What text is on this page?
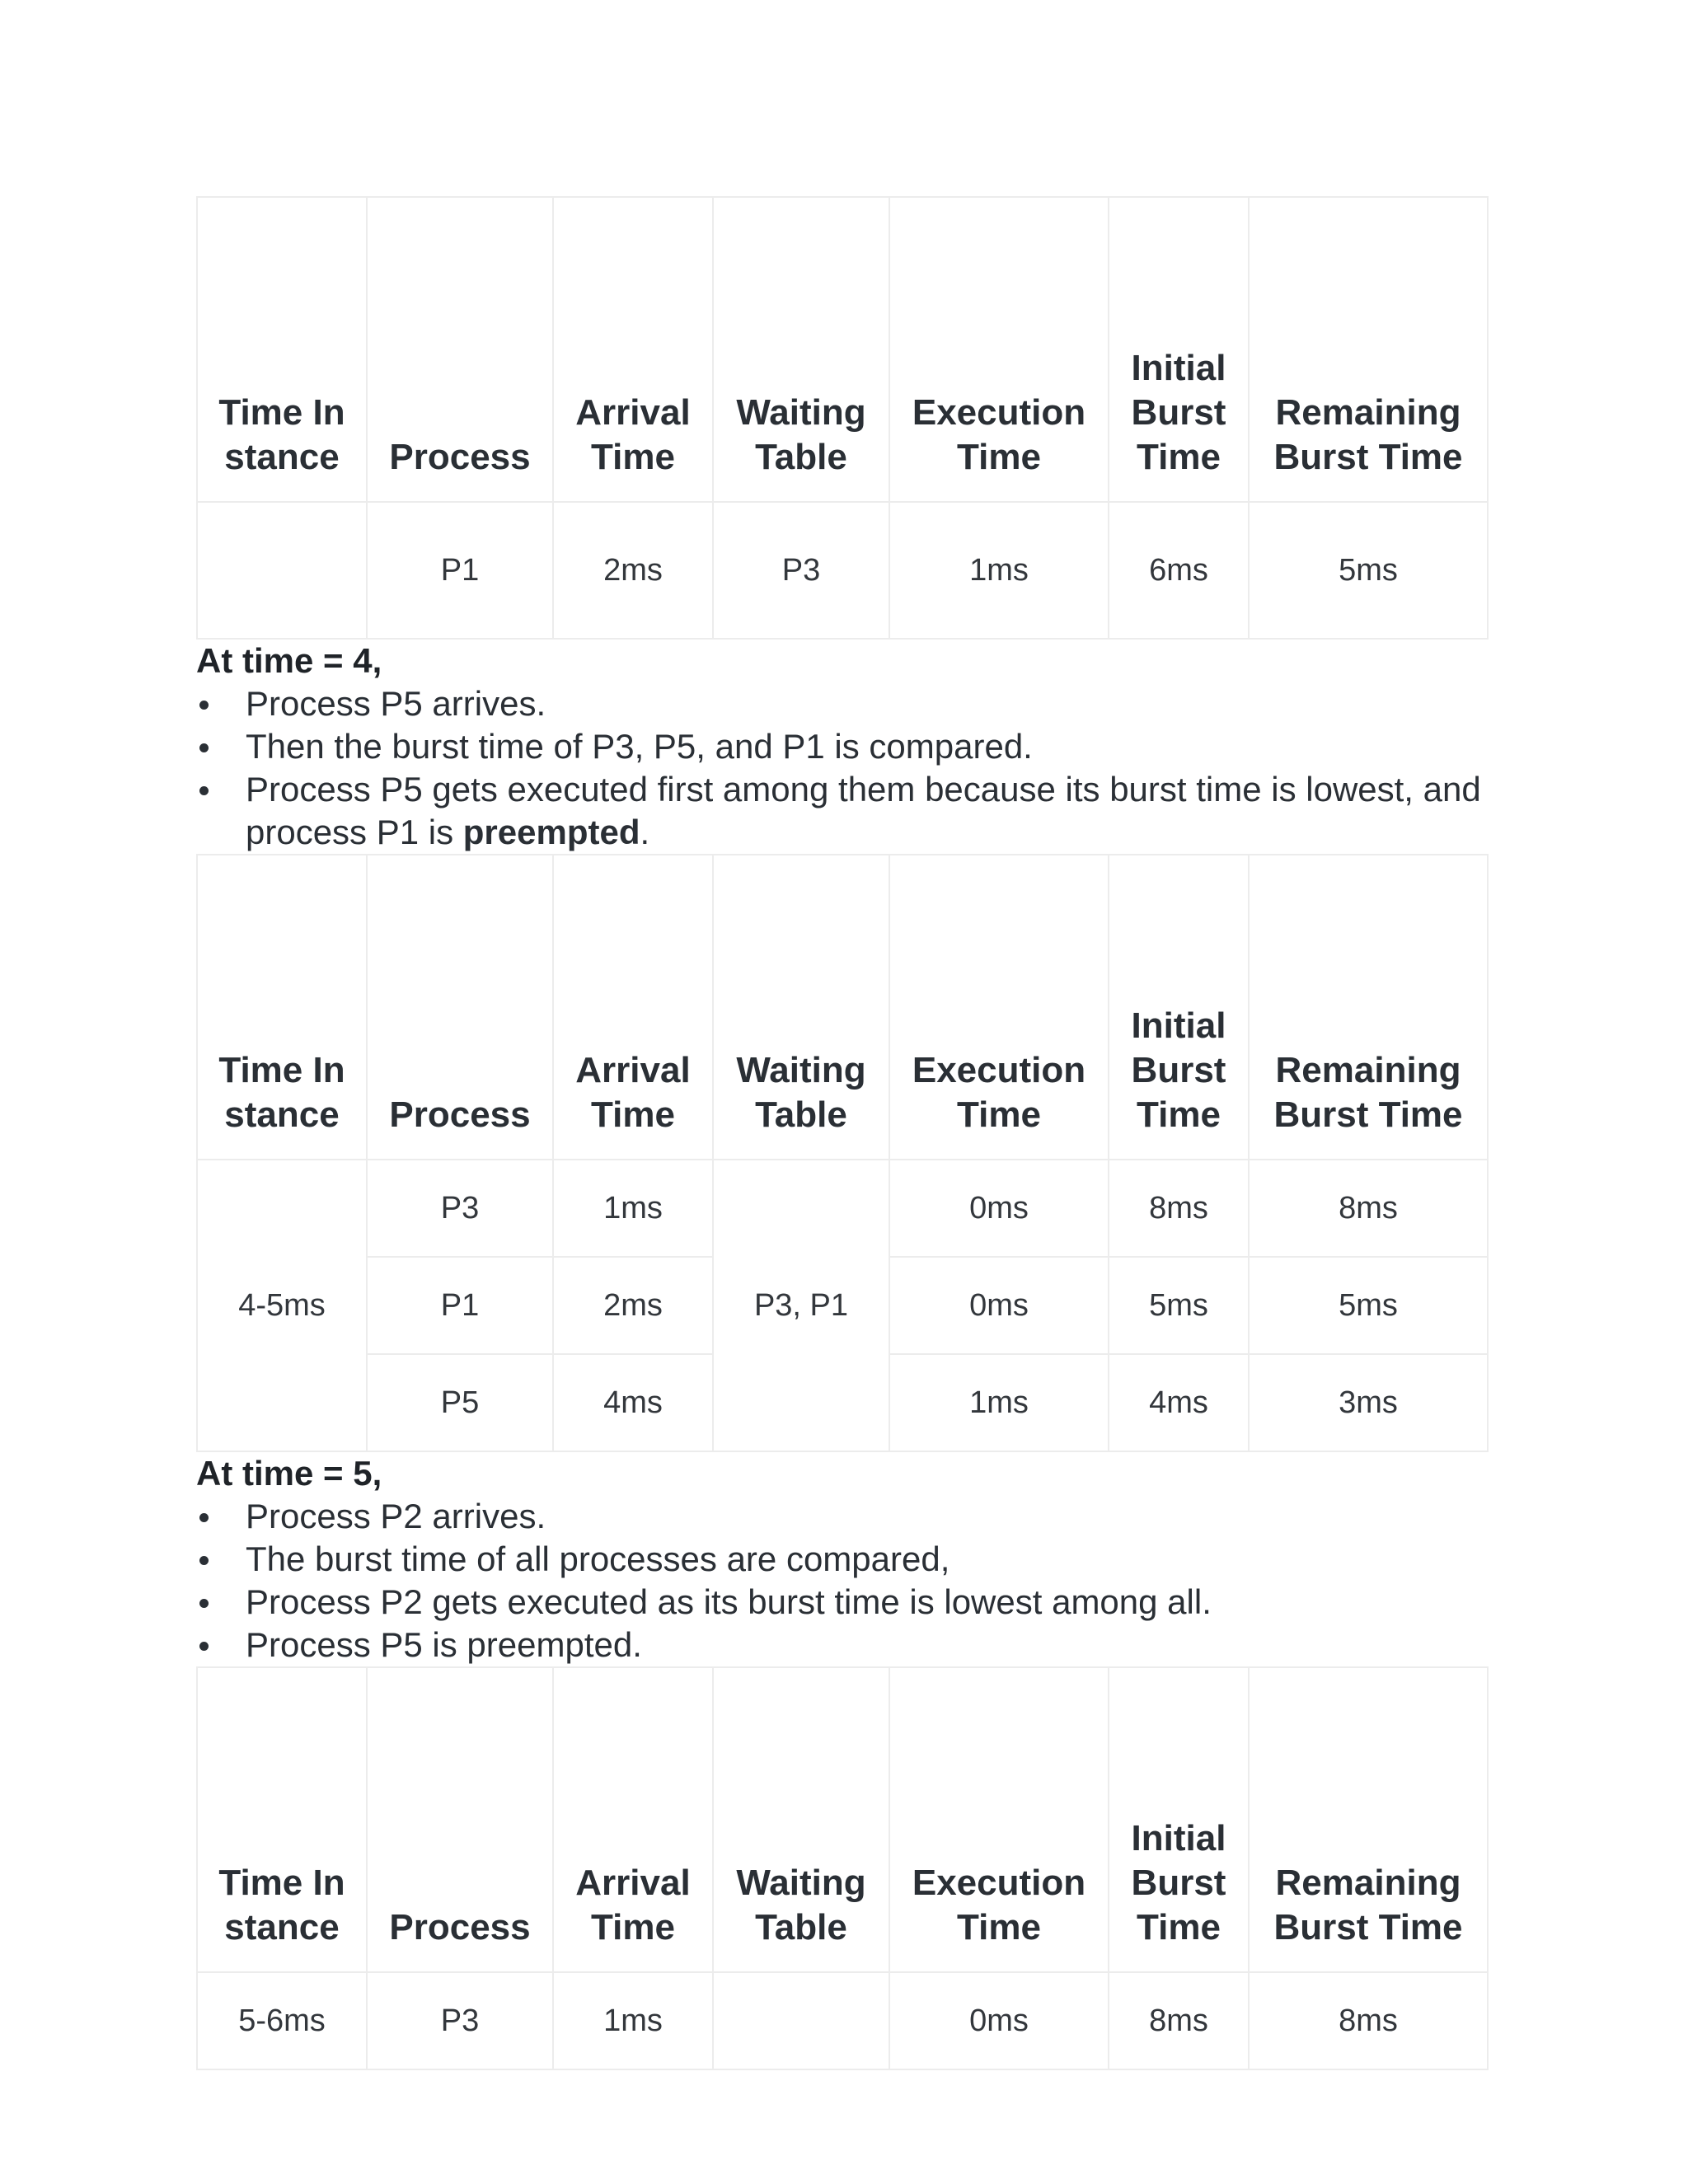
Time Instance	Process	Arrival Time	Waiting Table	Execution Time	Initial Burst Time	Remaining Burst Time
	P1	2ms	P3	1ms	6ms	5ms

At time = 4,

Process P5 arrives.
Then the burst time of P3, P5, and P1 is compared.
Process P5 gets executed first among them because its burst time is lowest, and process P1 is preempted.
Time Instance	Process	Arrival Time	Waiting Table	Execution Time	Initial Burst Time	Remaining Burst Time
4-5ms	P3	1ms	P3, P1	0ms	8ms	8ms
	P1	2ms		0ms	5ms	5ms
	P5	4ms		1ms	4ms	3ms

At time = 5,

Process P2 arrives.
The burst time of all processes are compared,
Process P2 gets executed as its burst time is lowest among all.
Process P5 is preempted.
Time Instance	Process	Arrival Time	Waiting Table	Execution Time	Initial Burst Time	Remaining Burst Time
5-6ms	P3	1ms		0ms	8ms	8ms
